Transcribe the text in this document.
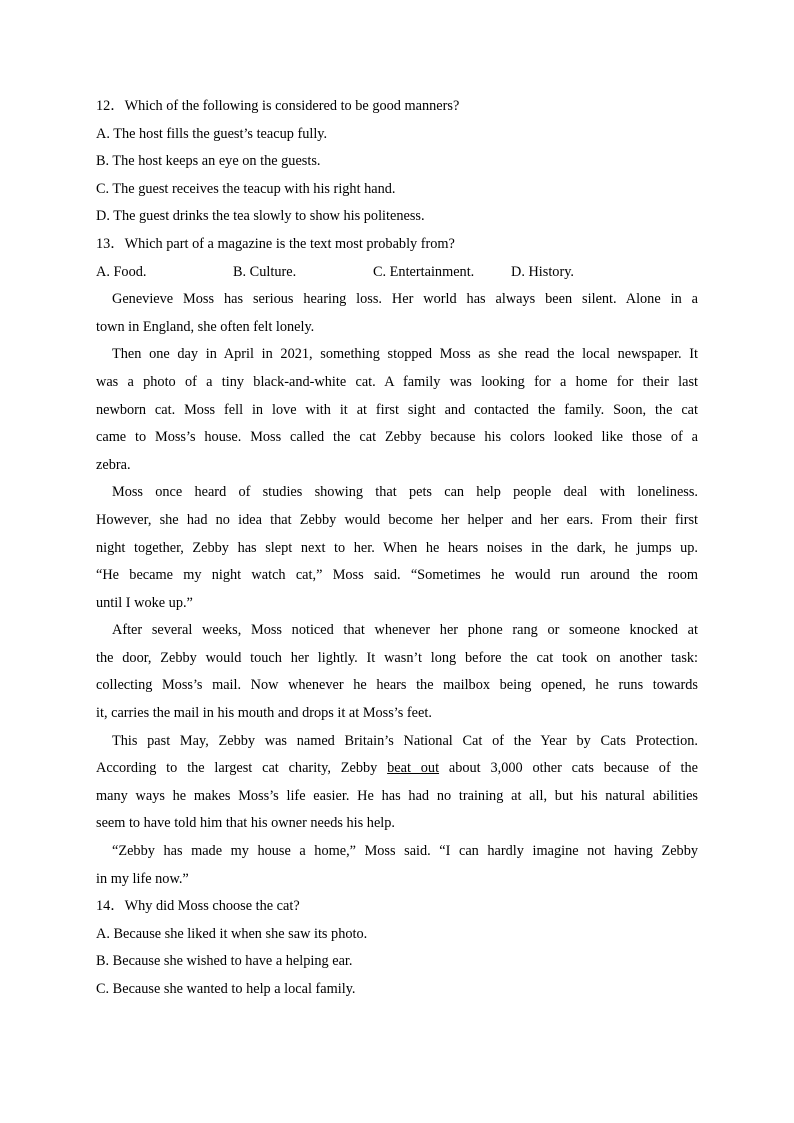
12．Which of the following is considered to be good manners?
A. The host fills the guest’s teacup fully.
B. The host keeps an eye on the guests.
C. The guest receives the teacup with his right hand.
D. The guest drinks the tea slowly to show his politeness.
13．Which part of a magazine is the text most probably from?
A. Food.	B. Culture.	C. Entertainment.	D. History.
Genevieve Moss has serious hearing loss. Her world has always been silent. Alone in a
town in England, she often felt lonely.
Then one day in April in 2021, something stopped Moss as she read the local newspaper. It
was a photo of a tiny black-and-white cat. A family was looking for a home for their last
newborn cat. Moss fell in love with it at first sight and contacted the family. Soon, the cat
came to Moss’s house. Moss called the cat Zebby because his colors looked like those of a
zebra.
Moss once heard of studies showing that pets can help people deal with loneliness.
However, she had no idea that Zebby would become her helper and her ears. From their first
night together, Zebby has slept next to her. When he hears noises in the dark, he jumps up.
“He became my night watch cat,” Moss said. “Sometimes he would run around the room
until I woke up.”
After several weeks, Moss noticed that whenever her phone rang or someone knocked at
the door, Zebby would touch her lightly. It wasn’t long before the cat took on another task:
collecting Moss’s mail. Now whenever he hears the mailbox being opened, he runs towards
it, carries the mail in his mouth and drops it at Moss’s feet.
This past May, Zebby was named Britain’s National Cat of the Year by Cats Protection.
According to the largest cat charity, Zebby beat out about 3,000 other cats because of the
many ways he makes Moss’s life easier. He has had no training at all, but his natural abilities
seem to have told him that his owner needs his help.
“Zebby has made my house a home,” Moss said. “I can hardly imagine not having Zebby
in my life now.”
14．Why did Moss choose the cat?
A. Because she liked it when she saw its photo.
B. Because she wished to have a helping ear.
C. Because she wanted to help a local family.
